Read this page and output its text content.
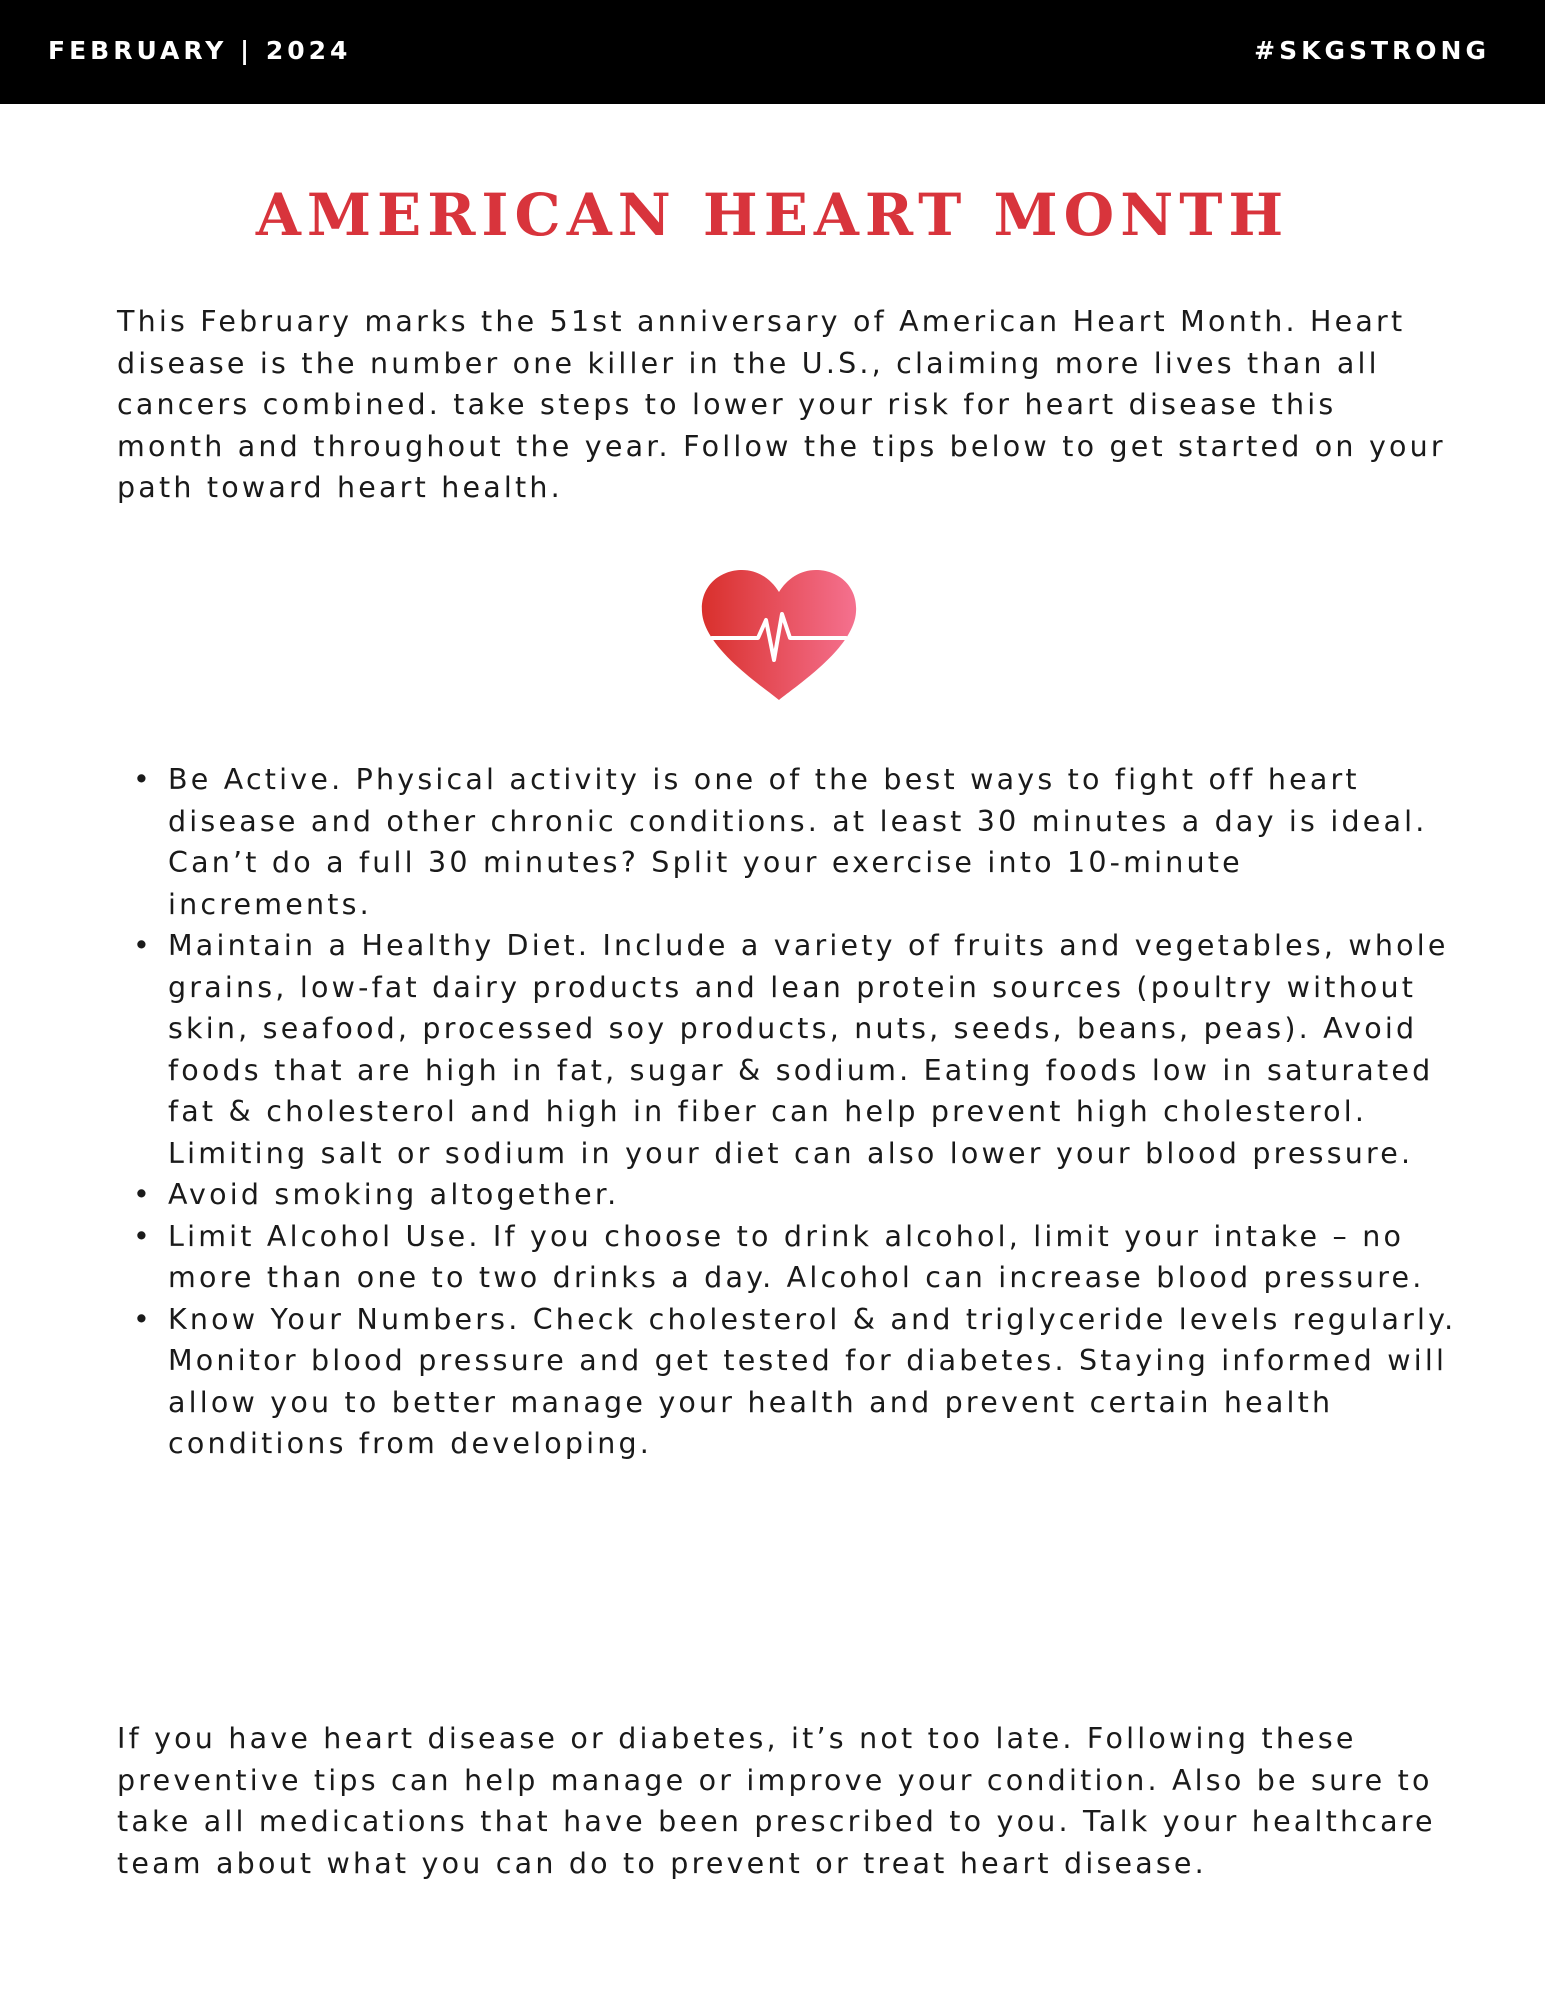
FEBRUARY | 2024	#SKGSTRONG
AMERICAN HEART MONTH

This February marks the 51st anniversary of American Heart Month. Heart disease is the number one killer in the U.S., claiming more lives than all cancers combined. take steps to lower your risk for heart disease this month and throughout the year. Follow the tips below to get started on your path toward heart health.

• Be Active. Physical activity is one of the best ways to fight off heart disease and other chronic conditions. at least 30 minutes a day is ideal. Can’t do a full 30 minutes? Split your exercise into 10-minute increments.
• Maintain a Healthy Diet. Include a variety of fruits and vegetables, whole grains, low-fat dairy products and lean protein sources (poultry without skin, seafood, processed soy products, nuts, seeds, beans, peas). Avoid foods that are high in fat, sugar & sodium. Eating foods low in saturated fat & cholesterol and high in fiber can help prevent high cholesterol. Limiting salt or sodium in your diet can also lower your blood pressure.
• Avoid smoking altogether.
• Limit Alcohol Use. If you choose to drink alcohol, limit your intake – no more than one to two drinks a day. Alcohol can increase blood pressure.
• Know Your Numbers. Check cholesterol & and triglyceride levels regularly. Monitor blood pressure and get tested for diabetes. Staying informed will allow you to better manage your health and prevent certain health conditions from developing.

If you have heart disease or diabetes, it’s not too late. Following these preventive tips can help manage or improve your condition. Also be sure to take all medications that have been prescribed to you. Talk your healthcare team about what you can do to prevent or treat heart disease.
